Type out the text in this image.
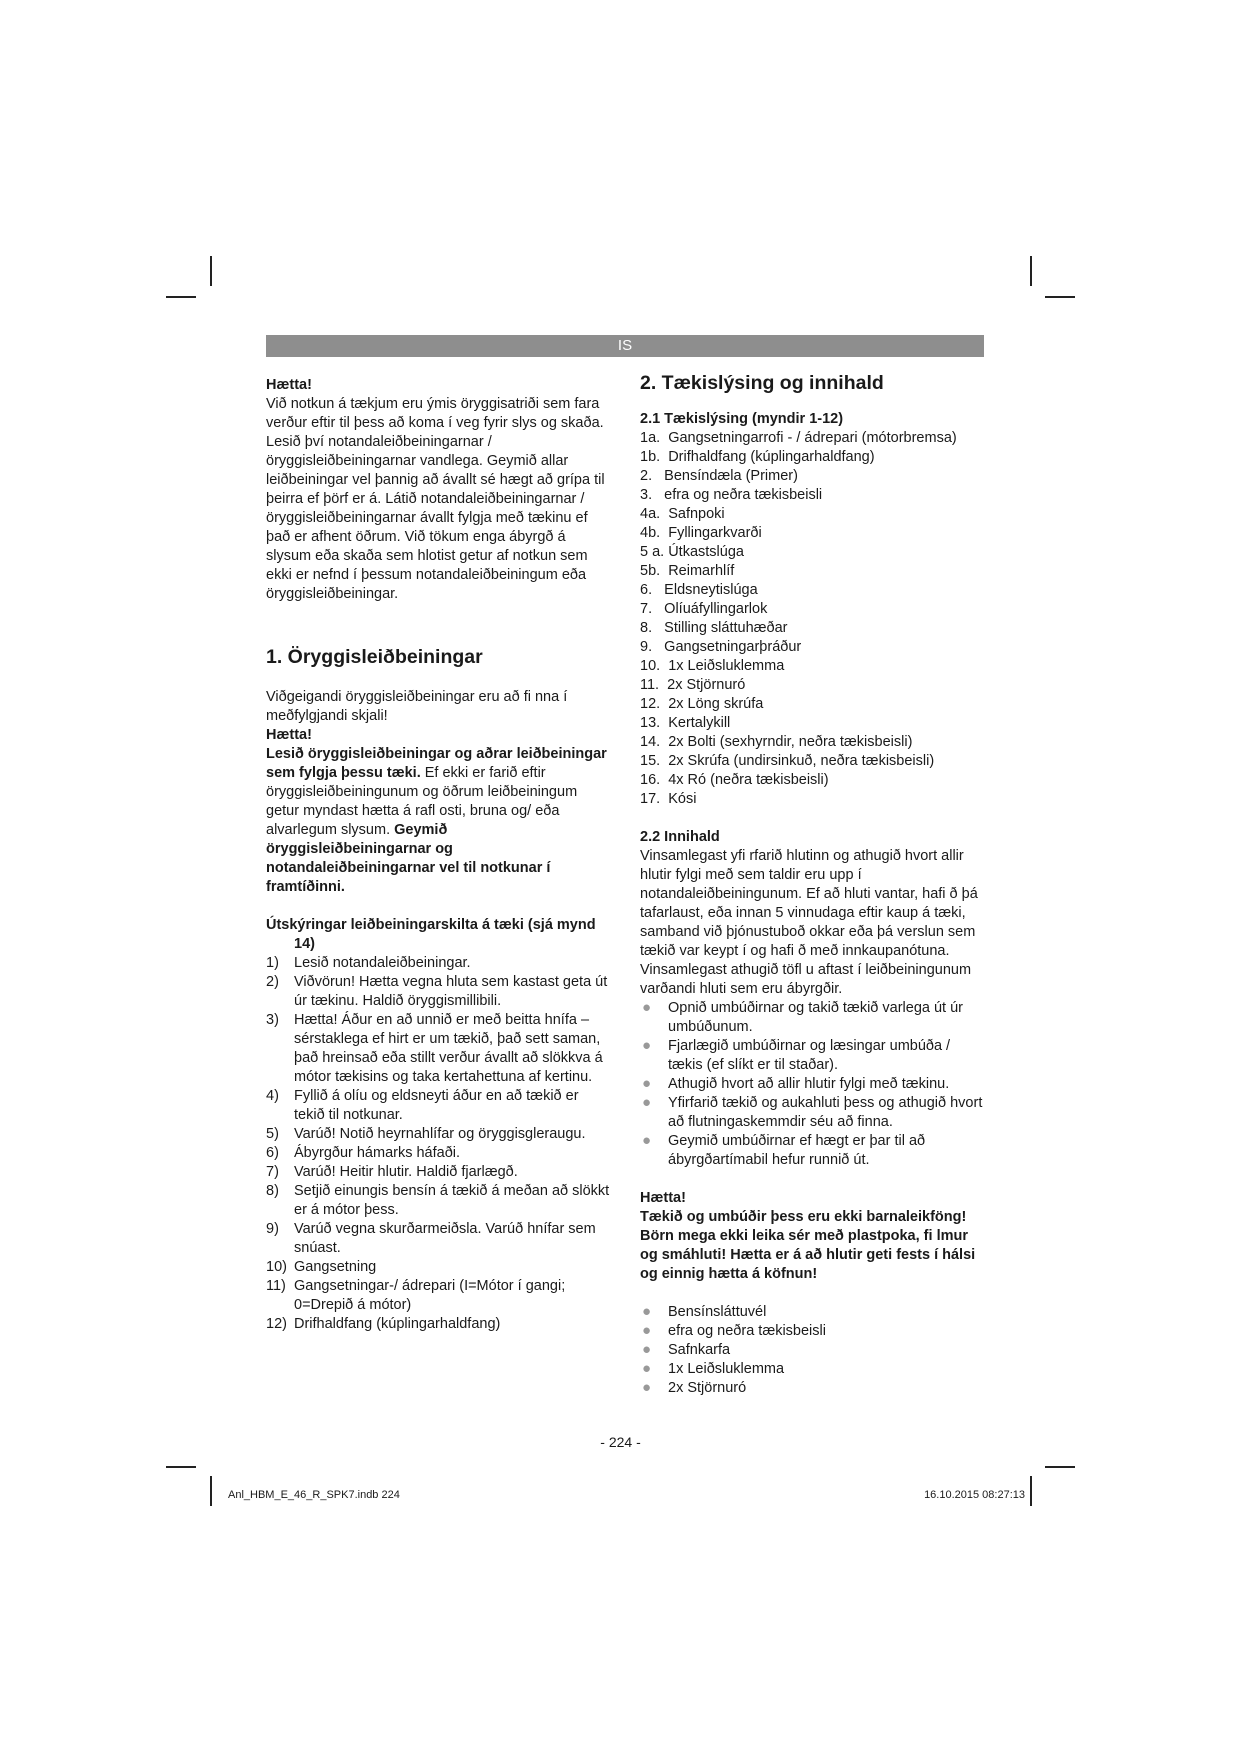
IS

Hætta!

Við notkun á tækjum eru ýmis öryggisatriði sem fara verður eftir til þess að koma í veg fyrir slys og skaða. Lesið því notandaleiðbeiningarnar / öryggisleiðbeiningarnar vandlega. Geymið allar leiðbeiningar vel þannig að ávallt sé hægt að grípa til þeirra ef þörf er á. Látið notandaleiðbeiningarnar / öryggisleiðbeiningarnar ávallt fylgja með tækinu ef það er afhent öðrum. Við tökum enga ábyrgð á slysum eða skaða sem hlotist getur af notkun sem ekki er nefnd í þessum notandaleiðbeiningum eða öryggisleiðbeiningar.

1. Öryggisleiðbeiningar

Viðgeigandi öryggisleiðbeiningar eru að fi nna í meðfylgjandi skjali!

Hætta!

Lesið öryggisleiðbeiningar og aðrar leiðbeiningar sem fylgja þessu tæki. Ef ekki er farið eftir öryggisleiðbeiningunum og öðrum leiðbeiningum getur myndast hætta á rafl osti, bruna og/ eða alvarlegum slysum. Geymið öryggisleiðbeiningarnar og notandaleiðbeiningarnar vel til notkunar í framtíðinni.

Útskýringar leiðbeiningarskilta á tæki (sjá mynd 14)

1) Lesið notandaleiðbeiningar.
2) Viðvörun! Hætta vegna hluta sem kastast geta út úr tækinu. Haldið öryggismillibili.
3) Hætta! Áður en að unnið er með beitta hnífa – sérstaklega ef hirt er um tækið, það sett saman, það hreinsað eða stillt verður ávallt að slökkva á mótor tækisins og taka kertahettuna af kertinu.
4) Fyllið á olíu og eldsneyti áður en að tækið er tekið til notkunar.
5) Varúð! Notið heyrnahlífar og öryggisgleraugu.
6) Ábyrgður hámarks háfaði.
7) Varúð! Heitir hlutir. Haldið fjarlægð.
8) Setjið einungis bensín á tækið á meðan að slökkt er á mótor þess.
9) Varúð vegna skurðarmeiðsla. Varúð hnífar sem snúast.
10) Gangsetning
11) Gangsetningar-/ ádrepari (I=Mótor í gangi; 0=Drepið á mótor)
12) Drifhaldfang (kúplingarhaldfang)

2. Tækislýsing og innihald

2.1 Tækislýsing (myndir 1-12)

1a.  Gangsetningarrofi - / ádrepari (mótorbremsa)
1b.  Drifhaldfang (kúplingarhaldfang)
2.   Bensíndæla (Primer)
3.   efra og neðra tækisbeisli
4a.  Safnpoki
4b.  Fyllingarkvarði
5 a. Útkastslúga
5b.  Reimarhlíf
6.   Eldsneytislúga
7.   Olíuáfyllingarlok
8.   Stilling sláttuhæðar
9.   Gangsetningarþráður
10.  1x Leiðsluklemma
11.  2x Stjörnuró
12.  2x Löng skrúfa
13.  Kertalykill
14.  2x Bolti (sexhyrndir, neðra tækisbeisli)
15.  2x Skrúfa (undirsinkuð, neðra tækisbeisli)
16.  4x Ró (neðra tækisbeisli)
17.  Kósi

2.2 Innihald

Vinsamlegast yfi rfarið hlutinn og athugið hvort allir hlutir fylgi með sem taldir eru upp í notandaleiðbeiningunum. Ef að hluti vantar, hafi ð þá tafarlaust, eða innan 5 vinnudaga eftir kaup á tæki, samband við þjónustuboð okkar eða þá verslun sem tækið var keypt í og hafi ð með innkaupanótuna. Vinsamlegast athugið töfl u aftast í leiðbeiningunum varðandi hluti sem eru ábyrgðir.

● Opnið umbúðirnar og takið tækið varlega út úr umbúðunum.
● Fjarlægið umbúðirnar og læsingar umbúða / tækis (ef slíkt er til staðar).
● Athugið hvort að allir hlutir fylgi með tækinu.
● Yfirfarið tækið og aukahluti þess og athugið hvort að flutningaskemmdir séu að finna.
● Geymið umbúðirnar ef hægt er þar til að ábyrgðartímabil hefur runnið út.

Hætta!

Tækið og umbúðir þess eru ekki barnaleikföng! Börn mega ekki leika sér með plastpoka, fi lmur og smáhluti! Hætta er á að hlutir geti fests í hálsi og einnig hætta á köfnun!

● Bensínsláttuvél
● efra og neðra tækisbeisli
● Safnkarfa
● 1x Leiðsluklemma
● 2x Stjörnuró
- 224 -
Anl_HBM_E_46_R_SPK7.indb 224	16.10.2015 08:27:13
